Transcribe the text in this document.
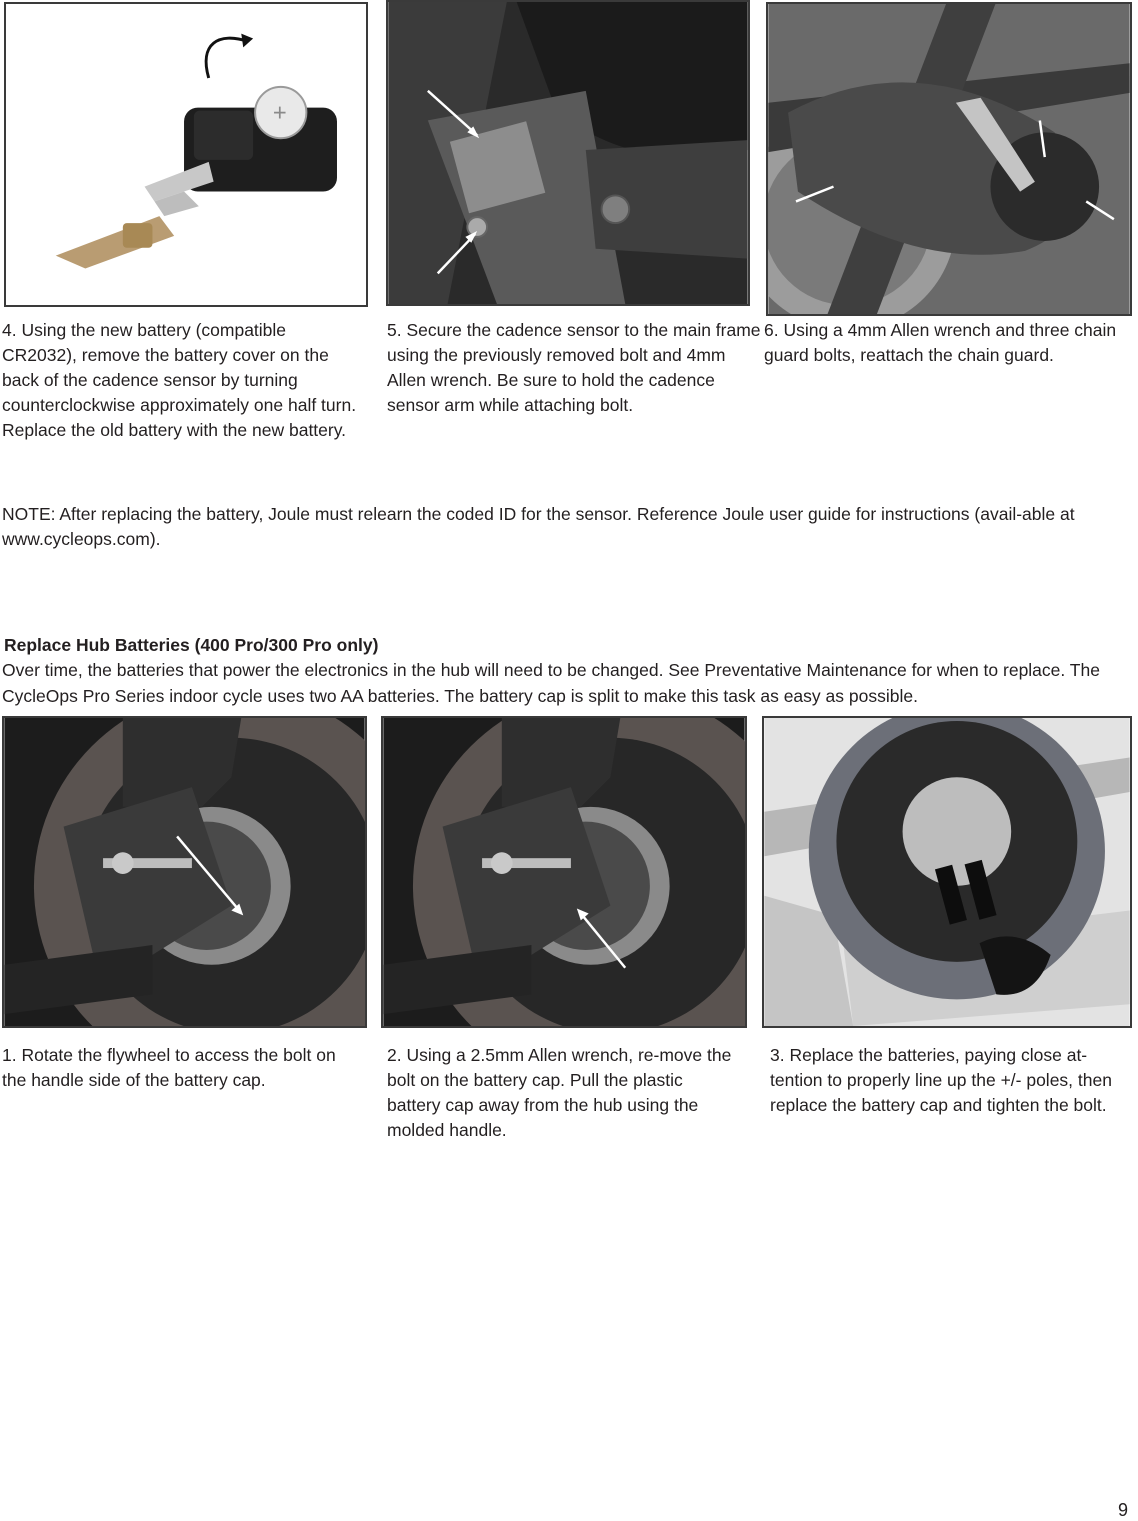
+

4. Using the new battery (compatible CR2032), remove the battery cover on the back of the cadence sensor by turning counterclockwise approximately one half turn. Replace the old battery with the new battery.

5. Secure the cadence sensor to the main frame using the previously removed bolt and 4mm Allen wrench. Be sure to hold the cadence sensor arm while attaching bolt.

6. Using a 4mm Allen wrench and three chain guard bolts, reattach the chain guard.

NOTE: After replacing the battery, Joule must relearn the coded ID for the sensor. Reference Joule user guide for instructions (avail-able at www.cycleops.com).

Replace Hub Batteries (400 Pro/300 Pro only)

Over time, the batteries that power the electronics in the hub will need to be changed. See Preventative Maintenance for when to replace. The CycleOps Pro Series indoor cycle uses two AA batteries. The battery cap is split to make this task as easy as possible.

1. Rotate the flywheel to access the bolt on the handle side of the battery cap.

2. Using a 2.5mm Allen wrench, re-move the bolt on the battery cap. Pull the plastic battery cap away from the hub using the molded handle.

3. Replace the batteries, paying close at-tention to properly line up the +/- poles, then replace the battery cap and tighten the bolt.

9
